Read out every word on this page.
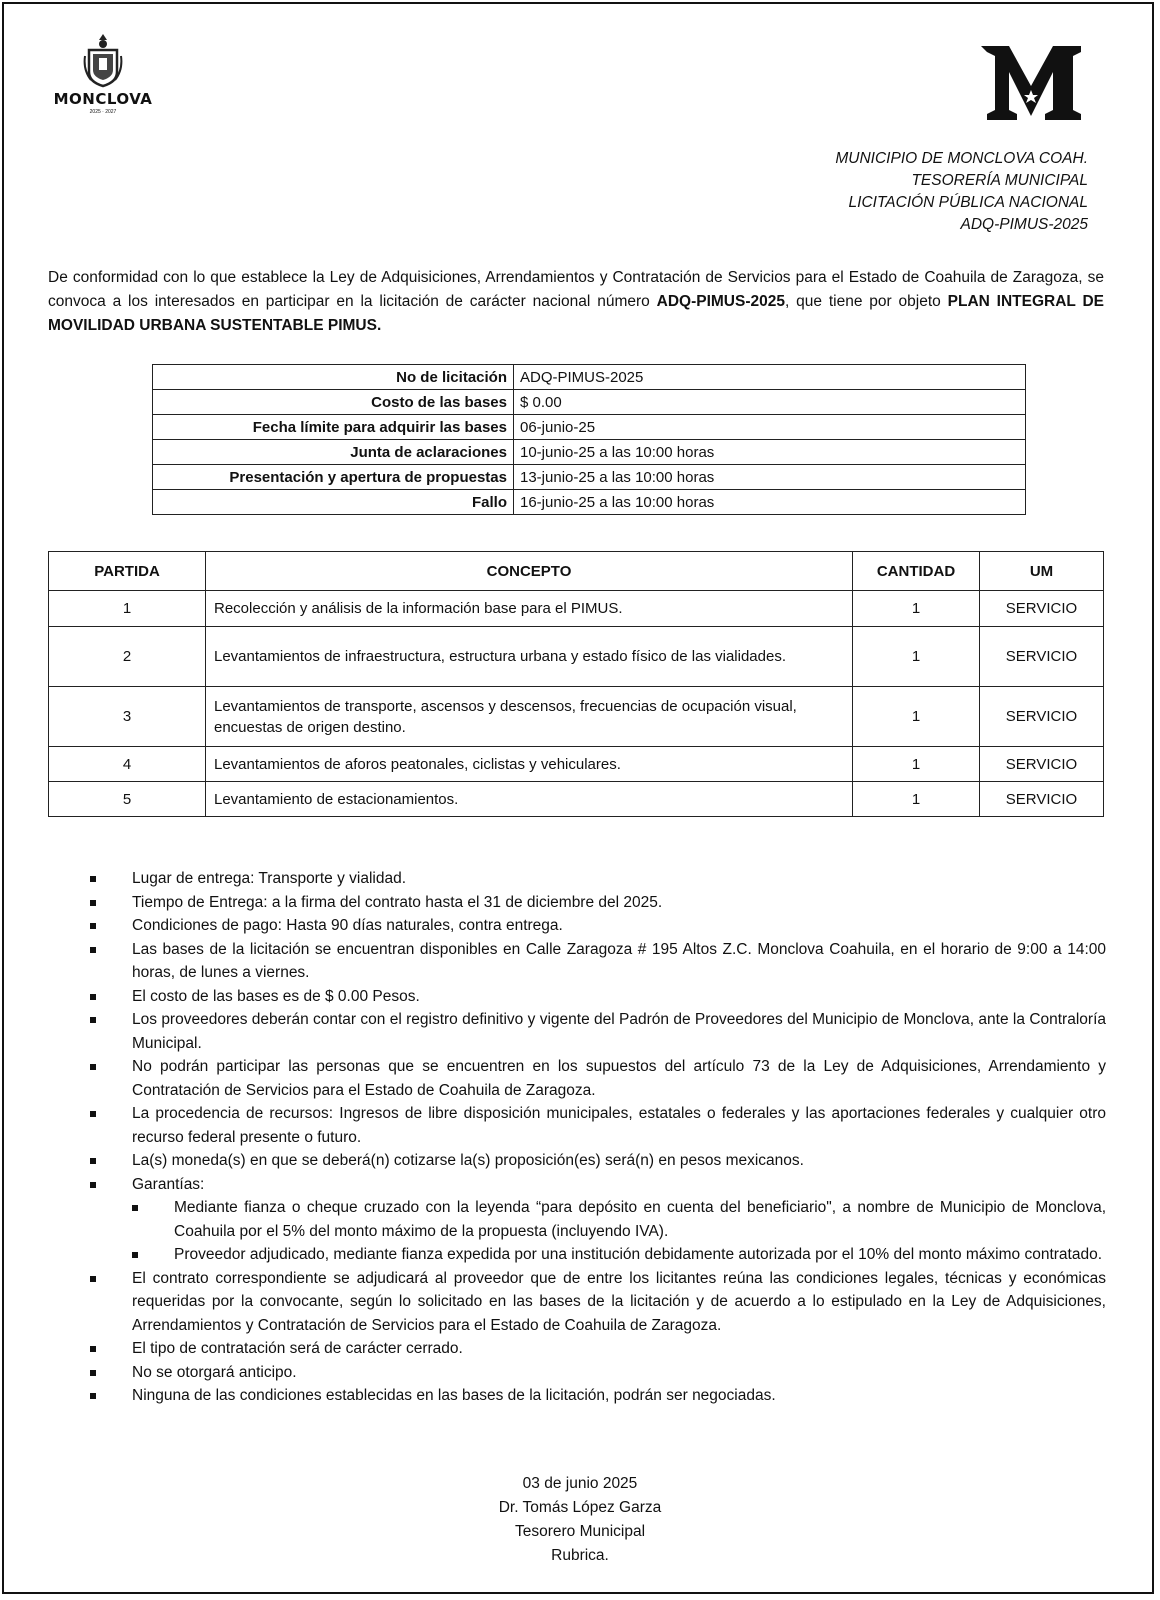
MONCLOVA
2025 · 2027
MUNICIPIO DE MONCLOVA COAH.
TESORERÍA MUNICIPAL
LICITACIÓN PÚBLICA NACIONAL
ADQ-PIMUS-2025
De conformidad con lo que establece la Ley de Adquisiciones, Arrendamientos y Contratación de Servicios para el Estado de Coahuila de Zaragoza, se convoca a los interesados en participar en la licitación de carácter nacional número ADQ-PIMUS-2025, que tiene por objeto PLAN INTEGRAL DE MOVILIDAD URBANA SUSTENTABLE PIMUS.
No de licitación	ADQ-PIMUS-2025
Costo de las bases	$ 0.00
Fecha límite para adquirir las bases	06-junio-25
Junta de aclaraciones	10-junio-25 a las 10:00 horas
Presentación y apertura de propuestas	13-junio-25 a las 10:00 horas
Fallo	16-junio-25 a las 10:00 horas
PARTIDA	CONCEPTO	CANTIDAD	UM
1	Recolección y análisis de la información base para el PIMUS.	1	SERVICIO
2	Levantamientos de infraestructura, estructura urbana y estado físico de las vialidades.	1	SERVICIO
3	Levantamientos de transporte, ascensos y descensos, frecuencias de ocupación visual, encuestas de origen destino.	1	SERVICIO
4	Levantamientos de aforos peatonales, ciclistas y vehiculares.	1	SERVICIO
5	Levantamiento de estacionamientos.	1	SERVICIO
Lugar de entrega: Transporte y vialidad.
Tiempo de Entrega: a la firma del contrato hasta el 31 de diciembre del 2025.
Condiciones de pago: Hasta 90 días naturales, contra entrega.
Las bases de la licitación se encuentran disponibles en Calle Zaragoza # 195 Altos Z.C. Monclova Coahuila, en el horario de 9:00 a 14:00 horas, de lunes a viernes.
El costo de las bases es de $ 0.00 Pesos.
Los proveedores deberán contar con el registro definitivo y vigente del Padrón de Proveedores del Municipio de Monclova, ante la Contraloría Municipal.
No podrán participar las personas que se encuentren en los supuestos del artículo 73 de la Ley de Adquisiciones, Arrendamiento y Contratación de Servicios para el Estado de Coahuila de Zaragoza.
La procedencia de recursos: Ingresos de libre disposición municipales, estatales o federales y las aportaciones federales y cualquier otro recurso federal presente o futuro.
La(s) moneda(s) en que se deberá(n) cotizarse la(s) proposición(es) será(n) en pesos mexicanos.
Garantías:
Mediante fianza o cheque cruzado con la leyenda “para depósito en cuenta del beneficiario", a nombre de Municipio de Monclova, Coahuila por el 5% del monto máximo de la propuesta (incluyendo IVA).
Proveedor adjudicado, mediante fianza expedida por una institución debidamente autorizada por el 10% del monto máximo contratado.
El contrato correspondiente se adjudicará al proveedor que de entre los licitantes reúna las condiciones legales, técnicas y económicas requeridas por la convocante, según lo solicitado en las bases de la licitación y de acuerdo a lo estipulado en la Ley de Adquisiciones, Arrendamientos y Contratación de Servicios para el Estado de Coahuila de Zaragoza.
El tipo de contratación será de carácter cerrado.
No se otorgará anticipo.
Ninguna de las condiciones establecidas en las bases de la licitación, podrán ser negociadas.
03 de junio 2025
Dr. Tomás López Garza
Tesorero Municipal
Rubrica.
